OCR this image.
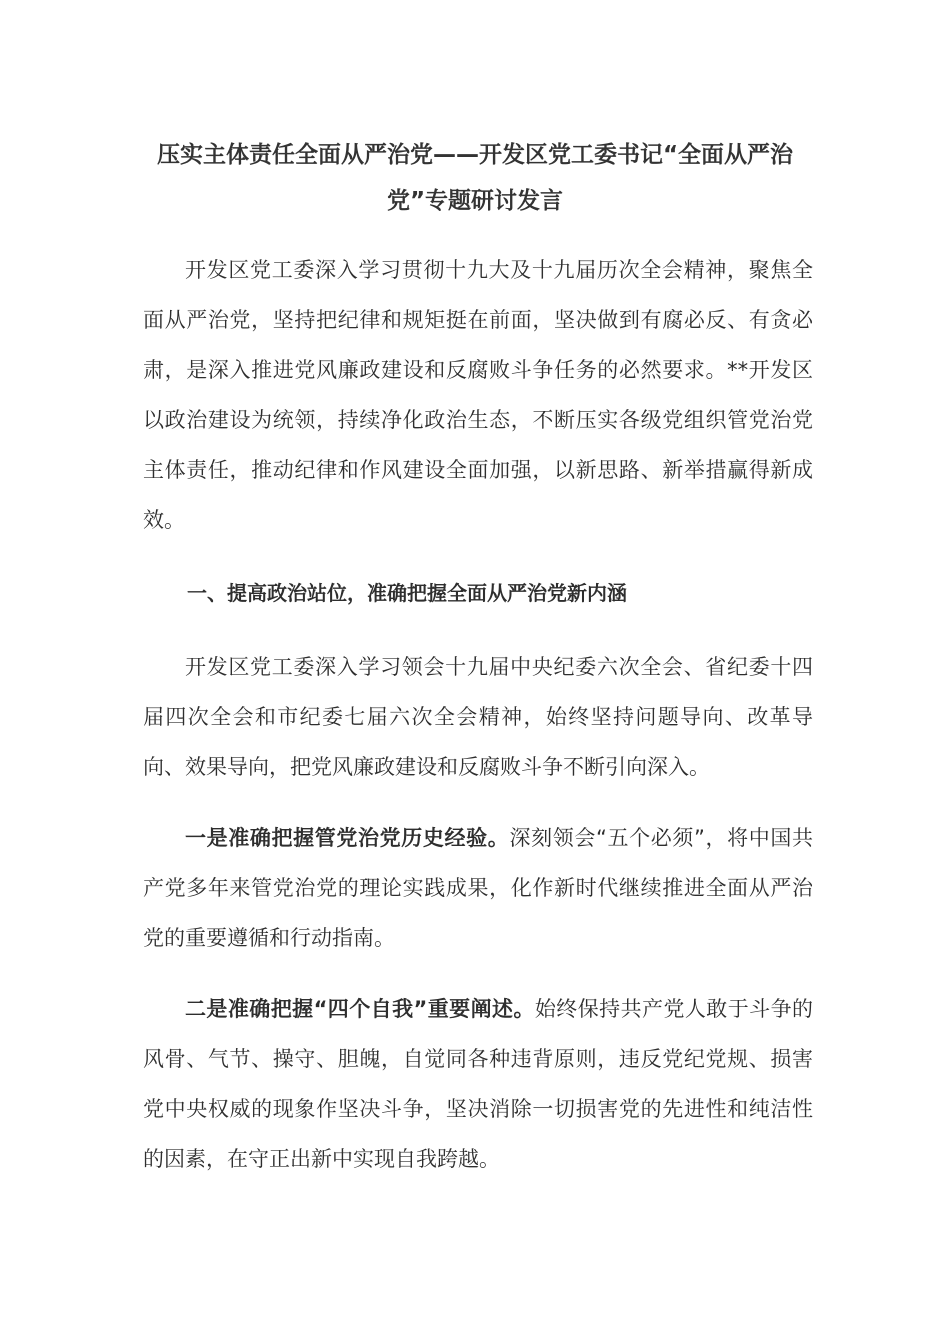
压实主体责任全面从严治党——开发区党工委书记“全面从严治党”专题研讨发言

开发区党工委深入学习贯彻十九大及十九届历次全会精神，聚焦全面从严治党，坚持把纪律和规矩挺在前面，坚决做到有腐必反、有贪必肃，是深入推进党风廉政建设和反腐败斗争任务的必然要求。**开发区以政治建设为统领，持续净化政治生态，不断压实各级党组织管党治党主体责任，推动纪律和作风建设全面加强，以新思路、新举措赢得新成效。

一、提高政治站位，准确把握全面从严治党新内涵

开发区党工委深入学习领会十九届中央纪委六次全会、省纪委十四届四次全会和市纪委七届六次全会精神，始终坚持问题导向、改革导向、效果导向，把党风廉政建设和反腐败斗争不断引向深入。

一是准确把握管党治党历史经验。深刻领会“五个必须”，将中国共产党多年来管党治党的理论实践成果，化作新时代继续推进全面从严治党的重要遵循和行动指南。

二是准确把握“四个自我”重要阐述。始终保持共产党人敢于斗争的风骨、气节、操守、胆魄，自觉同各种违背原则，违反党纪党规、损害党中央权威的现象作坚决斗争，坚决消除一切损害党的先进性和纯洁性的因素，在守正出新中实现自我跨越。
